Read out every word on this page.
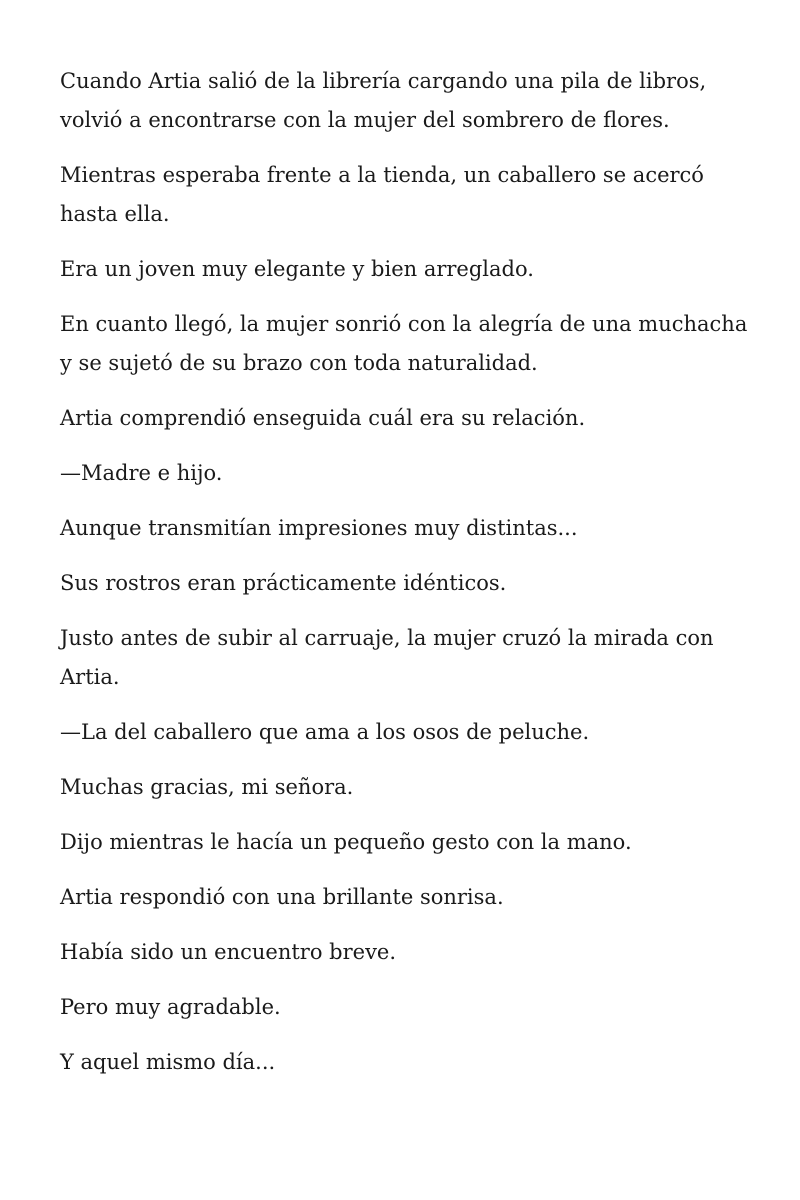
Cuando Artia salió de la librería cargando una pila de libros, volvió a encontrarse con la mujer del sombrero de flores.

Mientras esperaba frente a la tienda, un caballero se acercó hasta ella.

Era un joven muy elegante y bien arreglado.

En cuanto llegó, la mujer sonrió con la alegría de una muchacha y se sujetó de su brazo con toda naturalidad.

Artia comprendió enseguida cuál era su relación.

—Madre e hijo.

Aunque transmitían impresiones muy distintas...

Sus rostros eran prácticamente idénticos.

Justo antes de subir al carruaje, la mujer cruzó la mirada con Artia.

—La del caballero que ama a los osos de peluche.

Muchas gracias, mi señora.

Dijo mientras le hacía un pequeño gesto con la mano.

Artia respondió con una brillante sonrisa.

Había sido un encuentro breve.

Pero muy agradable.

Y aquel mismo día...
